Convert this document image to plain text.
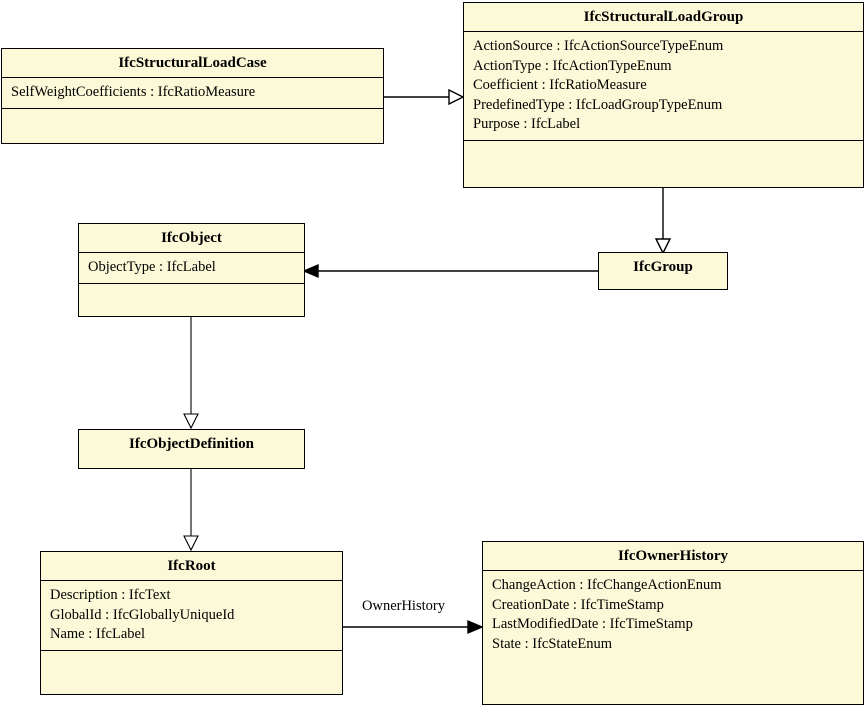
IfcStructuralLoadGroup
ActionSource : IfcActionSourceTypeEnum
ActionType : IfcActionTypeEnum
Coefficient : IfcRatioMeasure
PredefinedType : IfcLoadGroupTypeEnum
Purpose : IfcLabel
IfcStructuralLoadCase
SelfWeightCoefficients : IfcRatioMeasure
IfcObject
ObjectType : IfcLabel	IfcGroup
IfcObjectDefinition
IfcRoot
Description : IfcText
GlobalId : IfcGloballyUniqueId
Name : IfcLabel
IfcOwnerHistory
ChangeAction : IfcChangeActionEnum
CreationDate : IfcTimeStamp
LastModifiedDate : IfcTimeStamp
State : IfcStateEnum
OwnerHistory
